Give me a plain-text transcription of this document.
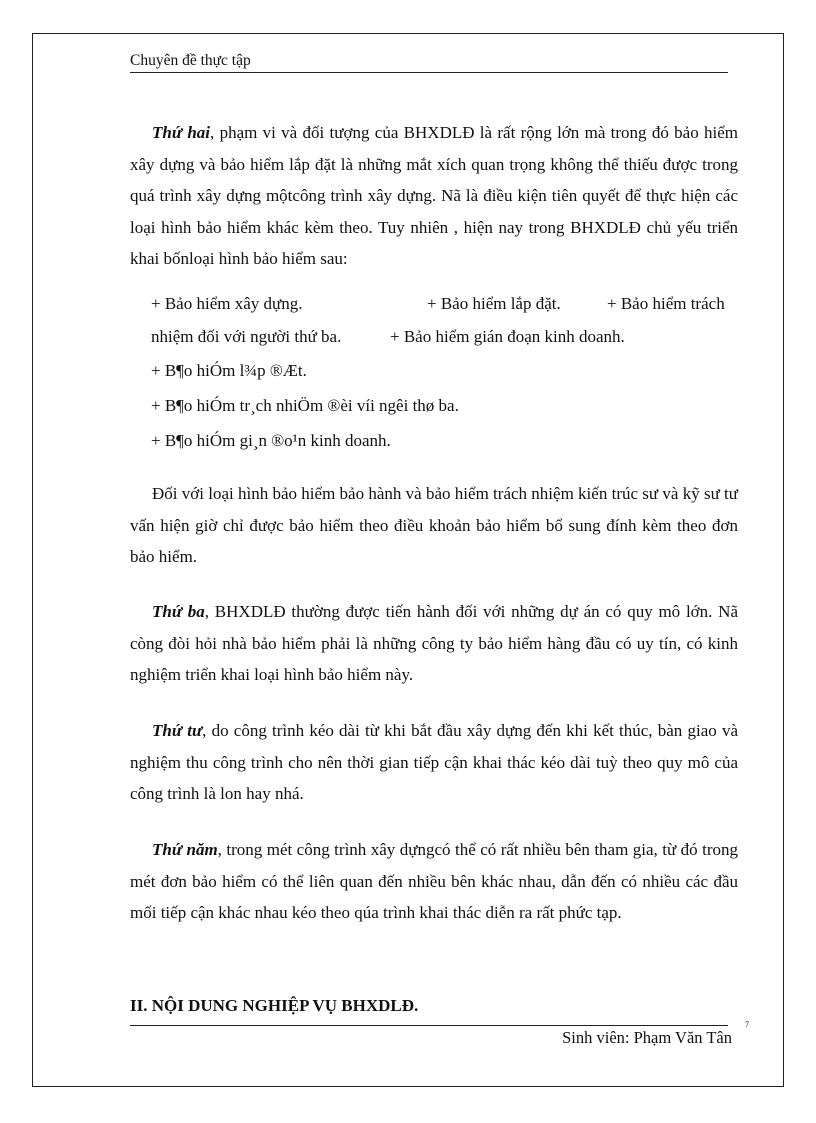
Chuyên đề thực tập

Thứ hai, phạm vi và đối tượng của BHXDLĐ là rất rộng lớn mà trong đó bảo hiểm xây dựng và bảo hiểm lắp đặt là những mắt xích quan trọng không thể thiếu được trong quá trình xây dựng mộtcông trình xây dựng. Nã là điều kiện tiên quyết để thực hiện các loại hình bảo hiểm khác kèm theo. Tuy nhiên , hiện nay trong BHXDLĐ chủ yếu triển khai bốnloại hình bảo hiểm sau:

+ Bảo hiểm xây dựng.	+ Bảo hiểm lắp đặt.	+ Bảo hiểm trách
nhiệm đối với người thứ ba.	+ Bảo hiểm gián đoạn kinh doanh.

+ B¶o hiÓm l¾p ®Æt.

+ B¶o hiÓm tr¸ch nhiÖm ®èi víi ngêi thø ba.

+ B¶o hiÓm gi¸n ®o¹n kinh doanh.

Đối với loại hình bảo hiểm bảo hành và bảo hiểm trách nhiệm kiến trúc sư và kỹ sư tư vấn hiện giờ chỉ được bảo hiểm theo điều khoản bảo hiểm bổ sung đính kèm theo đơn bảo hiểm.

Thứ ba, BHXDLĐ thường được tiến hành đối với những dự án có quy mô lớn. Nã còng đòi hỏi nhà bảo hiểm phải là những công ty bảo hiểm hàng đầu có uy tín, có kinh nghiệm triển khai loại hình bảo hiểm này.

Thứ tư, do công trình kéo dài từ khi bắt đầu xây dựng đến khi kết thúc, bàn giao và nghiệm thu công trình cho nên thời gian tiếp cận khai thác kéo dài tuỳ theo quy mô của công trình là lon hay nhá.

Thứ năm, trong mét công trình xây dựngcó thể có rất nhiều bên tham gia, từ đó trong mét đơn bảo hiểm có thể liên quan đến nhiều bên khác nhau, dẫn đến có nhiều các đầu mối tiếp cận khác nhau kéo theo qúa trình khai thác diễn ra rất phức tạp.

II. NỘI DUNG NGHIỆP VỤ BHXDLĐ.
Sinh viên: Phạm Văn Tân
7
